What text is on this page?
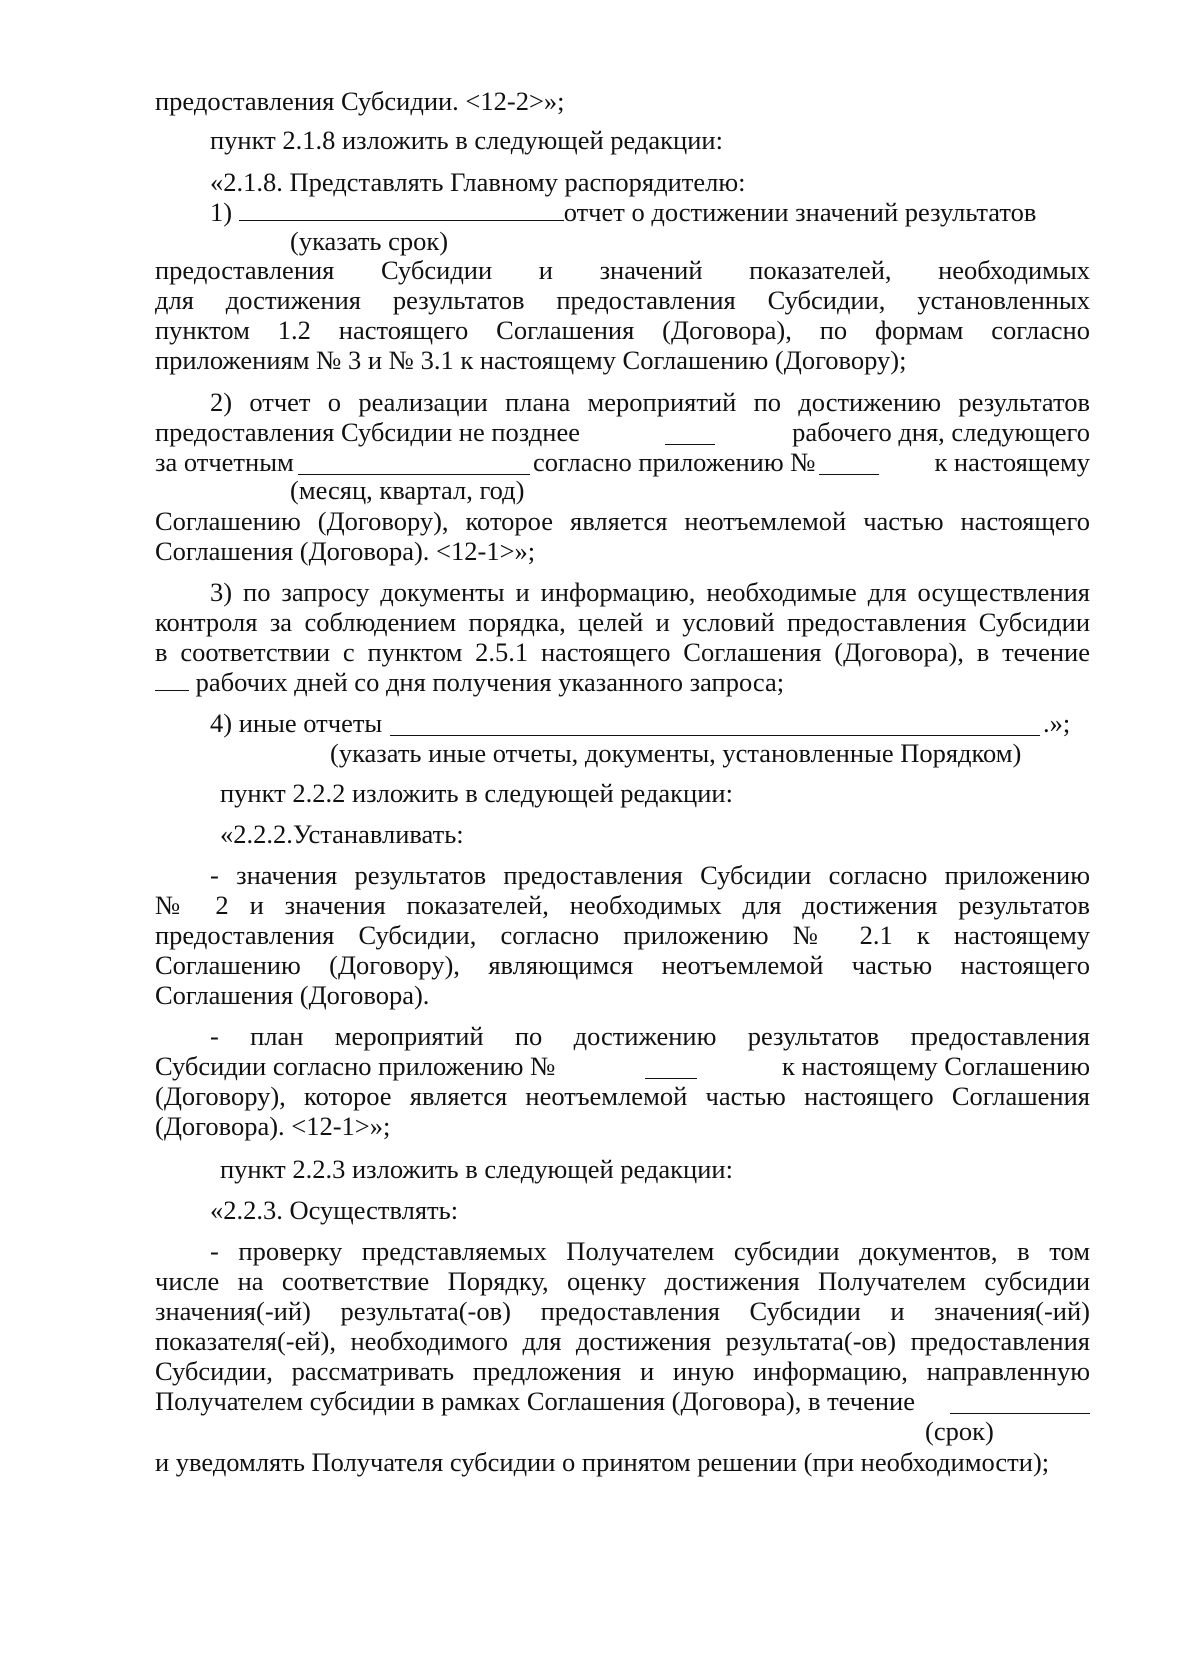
предоставления Субсидии. <12-2>»;
пункт 2.1.8 изложить в следующей редакции:
«2.1.8. Представлять Главному распорядителю:
1)	отчет о достижении значений результатов
(указать срок)
предоставления Субсидии и значений показателей, необходимых
для достижения результатов предоставления Субсидии, установленных
пунктом 1.2 настоящего Соглашения (Договора), по формам согласно
приложениям № 3 и № 3.1 к настоящему Соглашению (Договору);
2) отчет о реализации плана мероприятий по достижению результатов
предоставления Субсидии не позднее	рабочего дня, следующего
за отчетным	согласно приложению №	к настоящему
(месяц, квартал, год)
Соглашению (Договору), которое является неотъемлемой частью настоящего
Соглашения (Договора). <12-1>»;
3) по запросу документы и информацию, необходимые для осуществления
контроля за соблюдением порядка, целей и условий предоставления Субсидии
в соответствии с пунктом 2.5.1 настоящего Соглашения (Договора), в течение
рабочих дней со дня получения указанного запроса;
4) иные отчеты	.»;
(указать иные отчеты, документы, установленные Порядком)
пункт 2.2.2 изложить в следующей редакции:
«2.2.2.Устанавливать:
- значения результатов предоставления Субсидии согласно приложению
№ 2 и значения показателей, необходимых для достижения результатов
предоставления Субсидии, согласно приложению № 2.1 к настоящему
Соглашению (Договору), являющимся неотъемлемой частью настоящего
Соглашения (Договора).
- план мероприятий по достижению результатов предоставления
Субсидии согласно приложению №	к настоящему Соглашению
(Договору), которое является неотъемлемой частью настоящего Соглашения
(Договора). <12-1>»;
пункт 2.2.3 изложить в следующей редакции:
«2.2.3. Осуществлять:
- проверку представляемых Получателем субсидии документов, в том
числе на соответствие Порядку, оценку достижения Получателем субсидии
значения(-ий) результата(-ов) предоставления Субсидии и значения(-ий)
показателя(-ей), необходимого для достижения результата(-ов) предоставления
Субсидии, рассматривать предложения и иную информацию, направленную
Получателем субсидии в рамках Соглашения (Договора), в течение
(срок)
и уведомлять Получателя субсидии о принятом решении (при необходимости);
